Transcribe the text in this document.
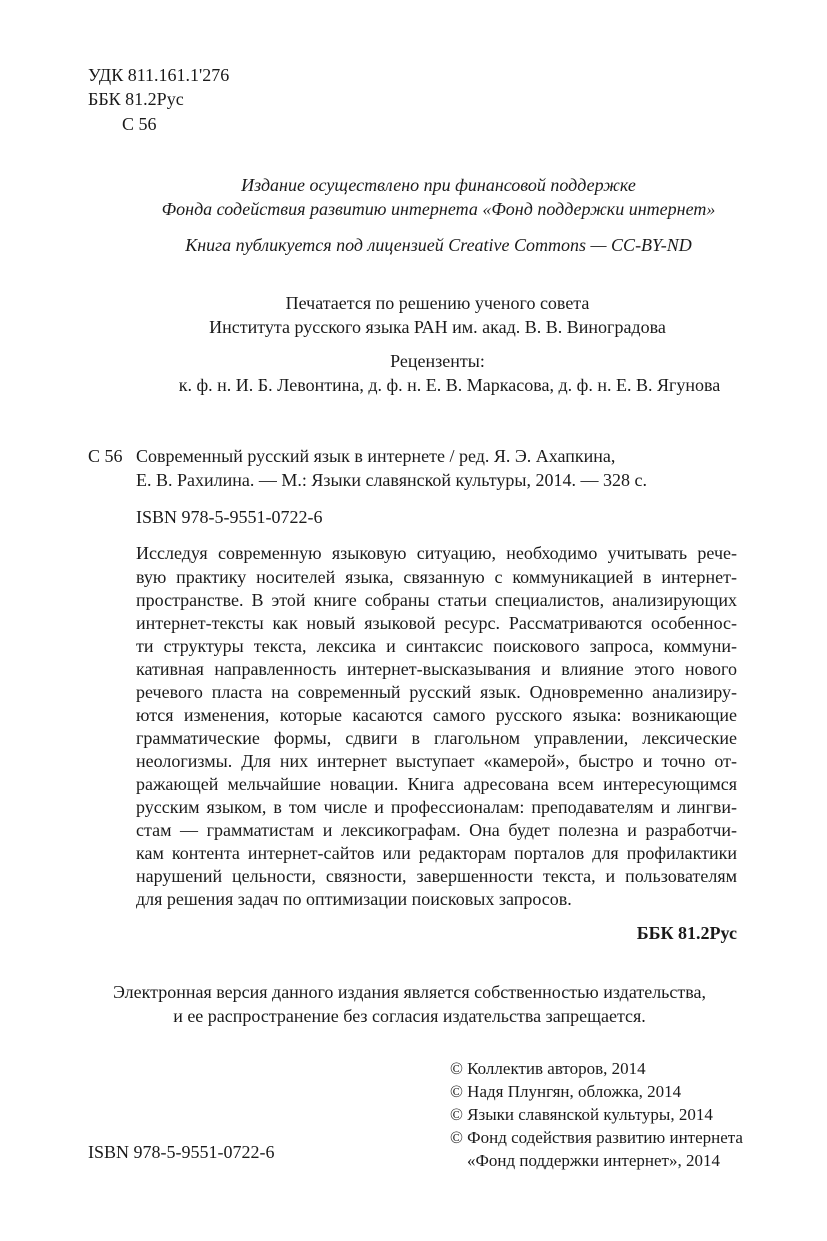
УДК 811.161.1'276
ББК 81.2Рус
С 56
Издание осуществлено при финансовой поддержке
Фонда содействия развитию интернета «Фонд поддержки интернет»
Книга публикуется под лицензией Creative Commons — CC-BY-ND
Печатается по решению ученого совета
Института русского языка РАН им. акад. В. В. Виноградова
Рецензенты:
к. ф. н. И. Б. Левонтина, д. ф. н. Е. В. Маркасова, д. ф. н. Е. В. Ягунова
С 56 Современный русский язык в интернете / ред. Я. Э. Ахапкина,
Е. В. Рахилина. — М.: Языки славянской культуры, 2014. — 328 с.
ISBN 978-5-9551-0722-6
Исследуя современную языковую ситуацию, необходимо учитывать рече-
вую практику носителей языка, связанную с коммуникацией в интернет-
пространстве. В этой книге собраны статьи специалистов, анализирующих
интернет-тексты как новый языковой ресурс. Рассматриваются особеннос-
ти структуры текста, лексика и синтаксис поискового запроса, коммуни-
кативная направленность интернет-высказывания и влияние этого нового
речевого пласта на современный русский язык. Одновременно анализиру-
ются изменения, которые касаются самого русского языка: возникающие
грамматические формы, сдвиги в глагольном управлении, лексические
неологизмы. Для них интернет выступает «камерой», быстро и точно от-
ражающей мельчайшие новации. Книга адресована всем интересующимся
русским языком, в том числе и профессионалам: преподавателям и лингви-
стам — грамматистам и лексикографам. Она будет полезна и разработчи-
кам контента интернет-сайтов или редакторам порталов для профилактики
нарушений цельности, связности, завершенности текста, и пользователям
для решения задач по оптимизации поисковых запросов.
ББК 81.2Рус
Электронная версия данного издания является собственностью издательства,
и ее распространение без согласия издательства запрещается.
© Коллектив авторов, 2014
© Надя Плунгян, обложка, 2014
© Языки славянской культуры, 2014
© Фонд содействия развитию интернета
«Фонд поддержки интернет», 2014
ISBN 978-5-9551-0722-6
